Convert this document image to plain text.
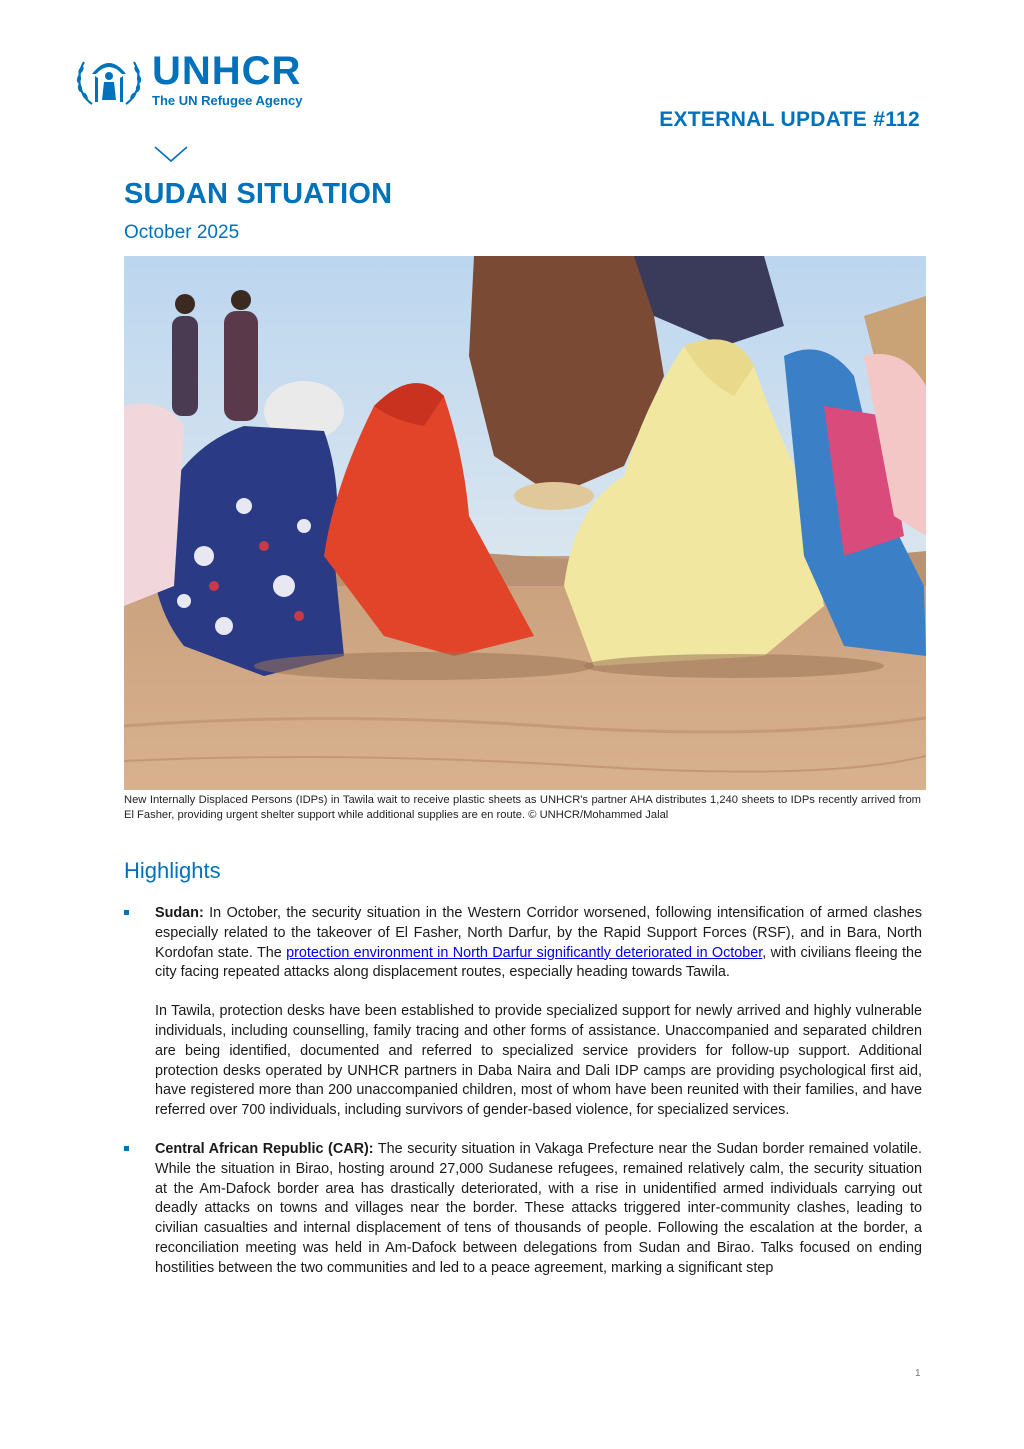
UNHCR
The UN Refugee Agency
EXTERNAL UPDATE #112
SUDAN SITUATION
October 2025
New Internally Displaced Persons (IDPs) in Tawila wait to receive plastic sheets as UNHCR's partner AHA distributes 1,240 sheets to IDPs recently arrived from El Fasher, providing urgent shelter support while additional supplies are en route. © UNHCR/Mohammed Jalal
Highlights

Sudan: In October, the security situation in the Western Corridor worsened, following intensification of armed clashes especially related to the takeover of El Fasher, North Darfur, by the Rapid Support Forces (RSF), and in Bara, North Kordofan state. The protection environment in North Darfur significantly deteriorated in October, with civilians fleeing the city facing repeated attacks along displacement routes, especially heading towards Tawila.

In Tawila, protection desks have been established to provide specialized support for newly arrived and highly vulnerable individuals, including counselling, family tracing and other forms of assistance. Unaccompanied and separated children are being identified, documented and referred to specialized service providers for follow-up support. Additional protection desks operated by UNHCR partners in Daba Naira and Dali IDP camps are providing psychological first aid, have registered more than 200 unaccompanied children, most of whom have been reunited with their families, and have referred over 700 individuals, including survivors of gender-based violence, for specialized services.

Central African Republic (CAR): The security situation in Vakaga Prefecture near the Sudan border remained volatile. While the situation in Birao, hosting around 27,000 Sudanese refugees, remained relatively calm, the security situation at the Am-Dafock border area has drastically deteriorated, with a rise in unidentified armed individuals carrying out deadly attacks on towns and villages near the border. These attacks triggered inter-community clashes, leading to civilian casualties and internal displacement of tens of thousands of people. Following the escalation at the border, a reconciliation meeting was held in Am-Dafock between delegations from Sudan and Birao. Talks focused on ending hostilities between the two communities and led to a peace agreement, marking a significant step

1
